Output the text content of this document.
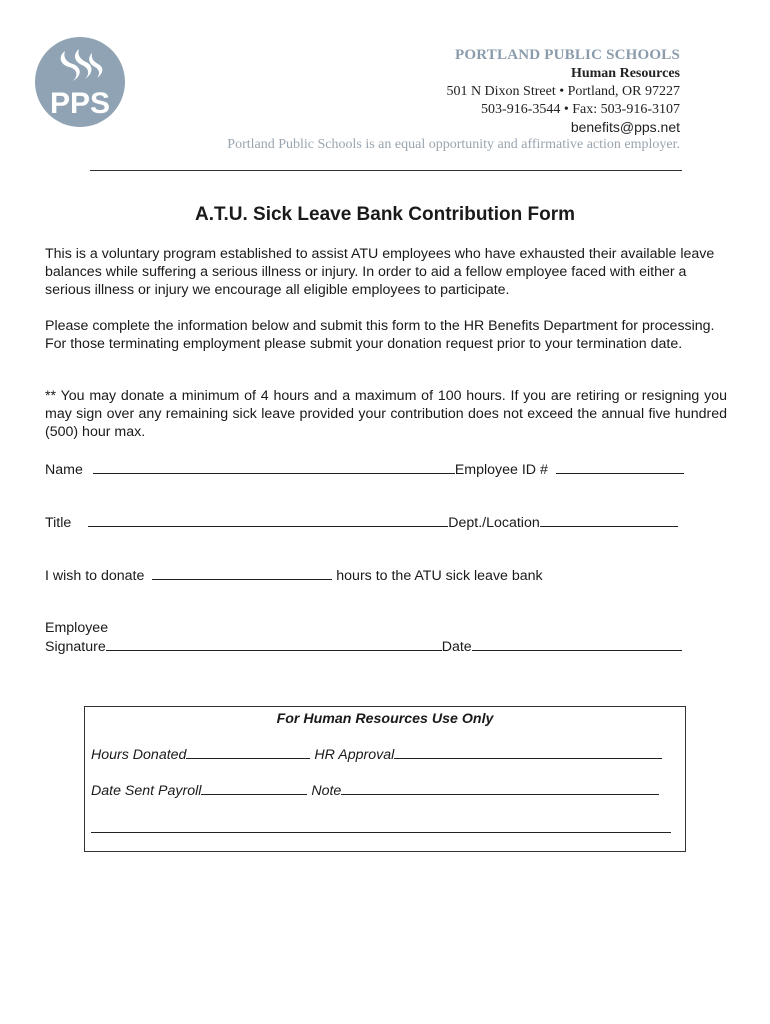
PPS
PORTLAND PUBLIC SCHOOLS
Human Resources
501 N Dixon Street • Portland, OR 97227
503-916-3544 • Fax: 503-916-3107
benefits@pps.net
Portland Public Schools is an equal opportunity and affirmative action employer.
A.T.U. Sick Leave Bank Contribution Form
This is a voluntary program established to assist ATU employees who have exhausted their available leave balances while suffering a serious illness or injury. In order to aid a fellow employee faced with either a serious illness or injury we encourage all eligible employees to participate.
Please complete the information below and submit this form to the HR Benefits Department for processing. For those terminating employment please submit your donation request prior to your termination date.
** You may donate a minimum of 4 hours and a maximum of 100 hours. If you are retiring or resigning you may sign over any remaining sick leave provided your contribution does not exceed the annual five hundred (500) hour max.
Name	Employee ID #
Title	Dept./Location
I wish to donate	hours to the ATU sick leave bank
Employee
Signature	Date
For Human Resources Use Only
Hours Donated	HR Approval
Date Sent Payroll	Note
